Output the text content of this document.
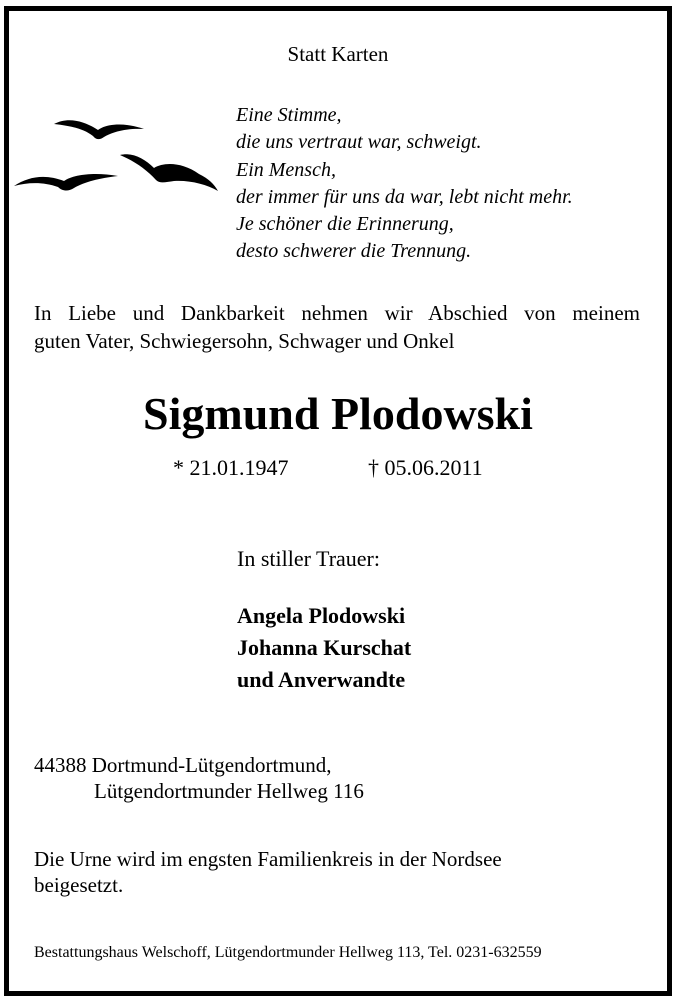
Statt Karten

Eine Stimme,
die uns vertraut war, schweigt.
Ein Mensch,
der immer für uns da war, lebt nicht mehr.
Je schöner die Erinnerung,
desto schwerer die Trennung.
In Liebe und Dankbarkeit nehmen wir Abschied von meinem
guten Vater, Schwiegersohn, Schwager und Onkel

Sigmund Plodowski

* 21.01.1947	† 05.06.2011

In stiller Trauer:

Angela Plodowski
Johanna Kurschat
und Anverwandte

44388 Dortmund-Lütgendortmund,

Lütgendortmunder Hellweg 116

Die Urne wird im engsten Familienkreis in der Nordsee
beigesetzt.

Bestattungshaus Welschoff, Lütgendortmunder Hellweg 113, Tel. 0231-632559
